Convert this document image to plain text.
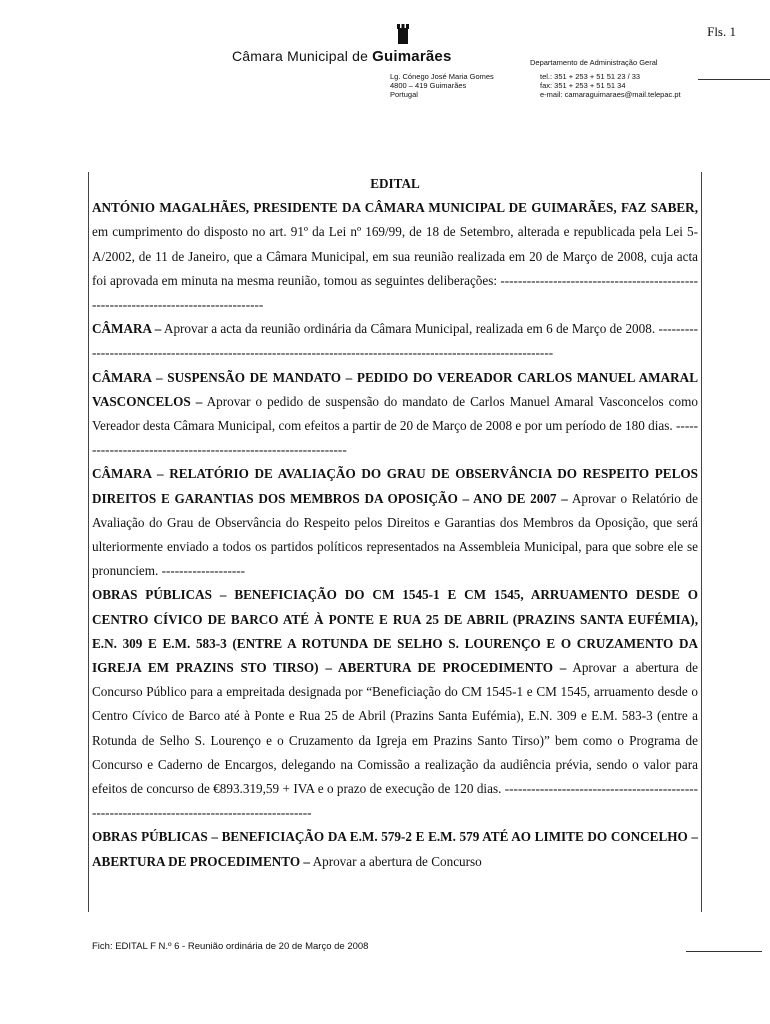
Fls. 1
Câmara Municipal de Guimarães
Lg. Cónego José Maria Gomes
4800 – 419 Guimarães
Portugal
Departamento de Administração Geral
tel.: 351 + 253 + 51 51 23 / 33
fax: 351 + 253 + 51 51 34
e-mail: camaraguimaraes@mail.telepac.pt

EDITAL

ANTÓNIO MAGALHÃES, PRESIDENTE DA CÂMARA MUNICIPAL DE GUIMARÃES, FAZ SABER, em cumprimento do disposto no art. 91º da Lei nº 169/99, de 18 de Setembro, alterada e republicada pela Lei 5-A/2002, de 11 de Janeiro, que a Câmara Municipal, em sua reunião realizada em 20 de Março de 2008, cuja acta foi aprovada em minuta na mesma reunião, tomou as seguintes deliberações: ------------------------------------------------------------------------------------

CÂMARA – Aprovar a acta da reunião ordinária da Câmara Municipal, realizada em 6 de Março de 2008. ------------------------------------------------------------------------------------------------------------------

CÂMARA – SUSPENSÃO DE MANDATO – PEDIDO DO VEREADOR CARLOS MANUEL AMARAL VASCONCELOS – Aprovar o pedido de suspensão do mandato de Carlos Manuel Amaral Vasconcelos como Vereador desta Câmara Municipal, com efeitos a partir de 20 de Março de 2008 e por um período de 180 dias. ---------------------------------------------------------------

CÂMARA – RELATÓRIO DE AVALIAÇÃO DO GRAU DE OBSERVÂNCIA DO RESPEITO PELOS DIREITOS E GARANTIAS DOS MEMBROS DA OPOSIÇÃO – ANO DE 2007 – Aprovar o Relatório de Avaliação do Grau de Observância do Respeito pelos Direitos e Garantias dos Membros da Oposição, que será ulteriormente enviado a todos os partidos políticos representados na Assembleia Municipal, para que sobre ele se pronunciem. -------------------

OBRAS PÚBLICAS – BENEFICIAÇÃO DO CM 1545-1 E CM 1545, ARRUAMENTO DESDE O CENTRO CÍVICO DE BARCO ATÉ À PONTE E RUA 25 DE ABRIL (PRAZINS SANTA EUFÉMIA), E.N. 309 E E.M. 583-3 (ENTRE A ROTUNDA DE SELHO S. LOURENÇO E O CRUZAMENTO DA IGREJA EM PRAZINS STO TIRSO) – ABERTURA DE PROCEDIMENTO – Aprovar a abertura de Concurso Público para a empreitada designada por “Beneficiação do CM 1545-1 e CM 1545, arruamento desde o Centro Cívico de Barco até à Ponte e Rua 25 de Abril (Prazins Santa Eufémia), E.N. 309 e E.M. 583-3 (entre a Rotunda de Selho S. Lourenço e o Cruzamento da Igreja em Prazins Santo Tirso)” bem como o Programa de Concurso e Caderno de Encargos, delegando na Comissão a realização da audiência prévia, sendo o valor para efeitos de concurso de €893.319,59 + IVA e o prazo de execução de 120 dias. ----------------------------------------------------------------------------------------------

OBRAS PÚBLICAS – BENEFICIAÇÃO DA E.M. 579-2 E E.M. 579 ATÉ AO LIMITE DO CONCELHO – ABERTURA DE PROCEDIMENTO – Aprovar a abertura de Concurso

Fich: EDITAL F N.º 6 - Reunião ordinária de 20 de Março de 2008
